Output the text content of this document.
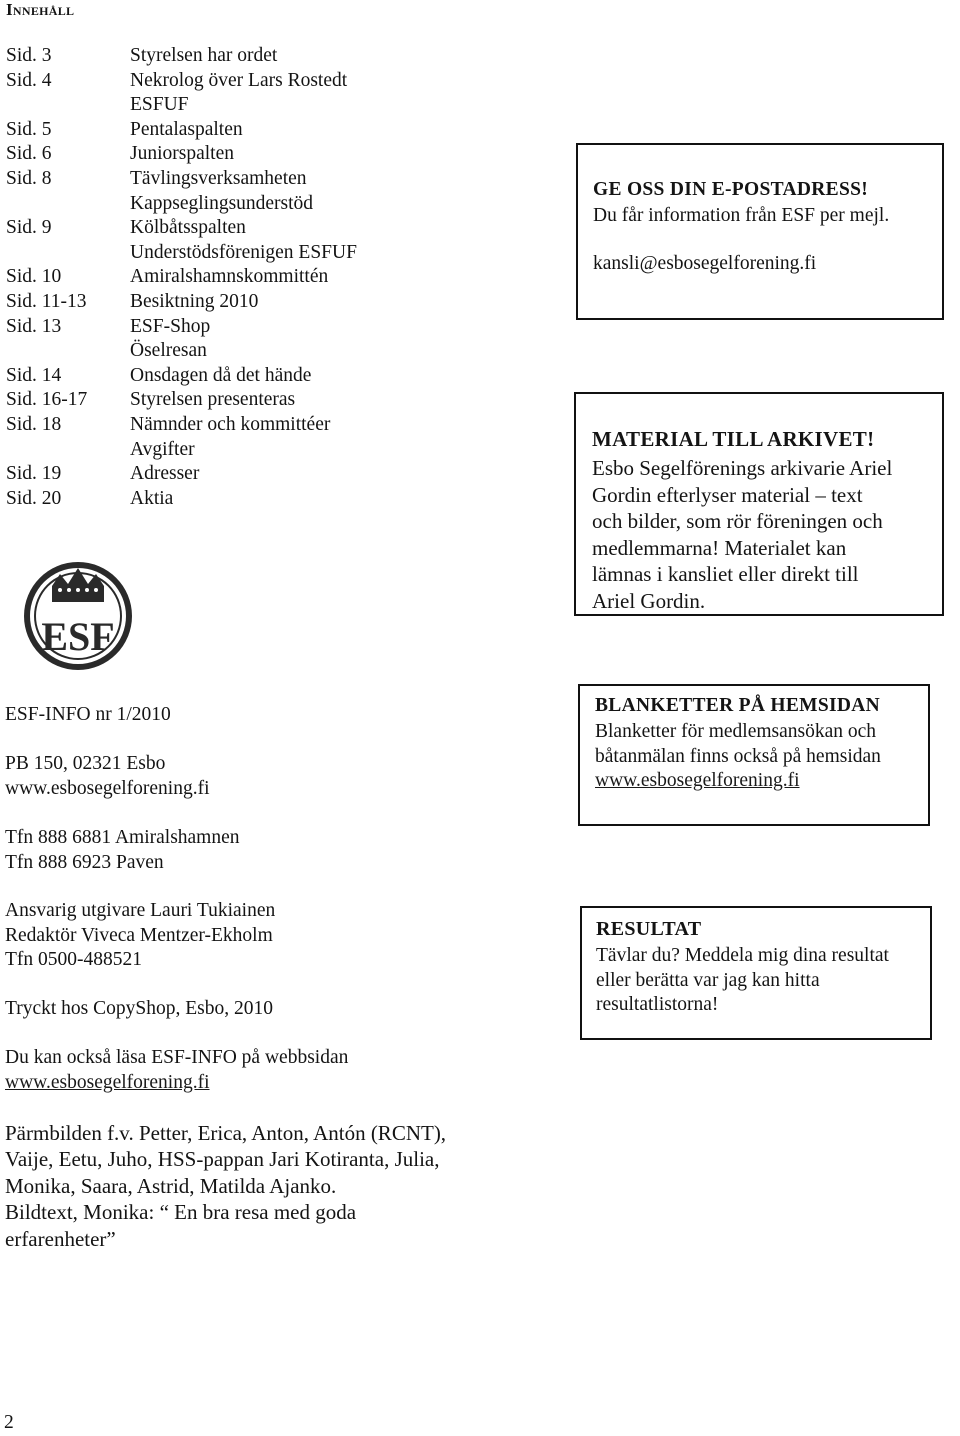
Innehåll
Sid. 3	Styrelsen har ordet
Sid. 4	Nekrolog över Lars Rostedt
ESFUF
Sid. 5	Pentalaspalten
Sid. 6	Juniorspalten
Sid. 8	Tävlingsverksamheten
Kappseglingsunderstöd
Sid. 9	Kölbåtsspalten
Understödsförenigen ESFUF
Sid. 10	Amiralshamnskommittén
Sid. 11-13 Besiktning 2010
Sid. 13	ESF-Shop
Öselresan
Sid. 14	Onsdagen då det hände
Sid. 16-17 Styrelsen presenteras
Sid. 18	Nämnder och kommittéer
Avgifter
Sid. 19	Adresser
Sid. 20	Aktia
ESF
ESF-INFO nr 1/2010
PB 150, 02321 Esbo
www.esbosegelforening.fi
Tfn 888 6881 Amiralshamnen
Tfn 888 6923 Paven
Ansvarig utgivare Lauri Tukiainen
Redaktör Viveca Mentzer-Ekholm
Tfn 0500-488521
Tryckt hos CopyShop, Esbo, 2010
Du kan också läsa ESF-INFO på webbsidan
www.esbosegelforening.fi
Pärmbilden f.v. Petter, Erica, Anton, Antón (RCNT),
Vaije, Eetu, Juho, HSS-pappan Jari Kotiranta, Julia,
Monika, Saara, Astrid, Matilda Ajanko.
Bildtext, Monika: “ En bra resa med goda
erfarenheter”
GE OSS DIN E-POSTADRESS!
Du får information från ESF per mejl.
kansli@esbosegelforening.fi
MATERIAL TILL ARKIVET!
Esbo Segelförenings arkivarie Ariel
Gordin efterlyser material – text
och bilder, som rör föreningen och
medlemmarna! Materialet kan
lämnas i kansliet eller direkt till
Ariel Gordin.
BLANKETTER PÅ HEMSIDAN
Blanketter för medlemsansökan och
båtanmälan finns också på hemsidan
www.esbosegelforening.fi
RESULTAT
Tävlar du? Meddela mig dina resultat
eller berätta var jag kan hitta
resultatlistorna!
2
